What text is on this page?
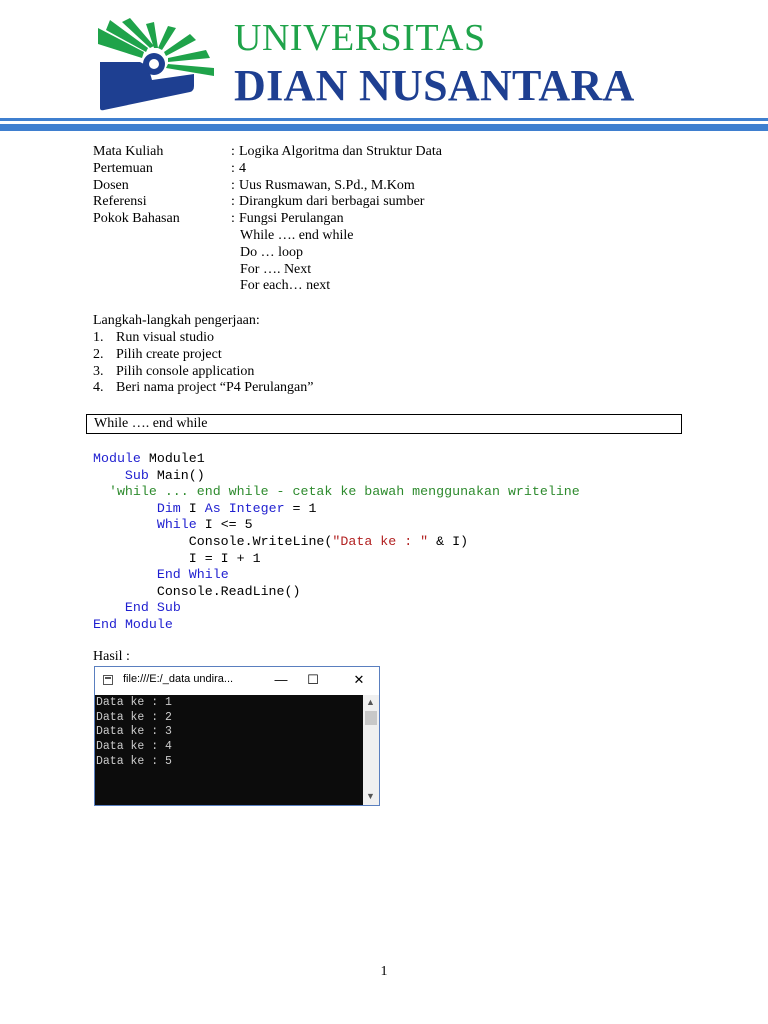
UNIVERSITAS
DIAN NUSANTARA
Mata Kuliah	: Logika Algoritma dan Struktur Data
Pertemuan	: 4
Dosen	: Uus Rusmawan, S.Pd., M.Kom
Referensi	: Dirangkum dari berbagai sumber
Pokok Bahasan	: Fungsi Perulangan
While …. end while
Do … loop
For …. Next
For each… next
Langkah-langkah pengerjaan:
1. Run visual studio
2. Pilih create project
3. Pilih console application
4. Beri nama project “P4 Perulangan”
While …. end while
Module Module1
Sub Main()
'while ... end while - cetak ke bawah menggunakan writeline
Dim I As Integer = 1
While I <= 5
Console.WriteLine("Data ke : " & I)
I = I + 1
End While
Console.ReadLine()
End Sub
End Module
Hasil :
file:///E:/_data undira...	—	☐	✕
Data ke : 1
Data ke : 2
Data ke : 3
Data ke : 4
Data ke : 5
▲
▼
1
